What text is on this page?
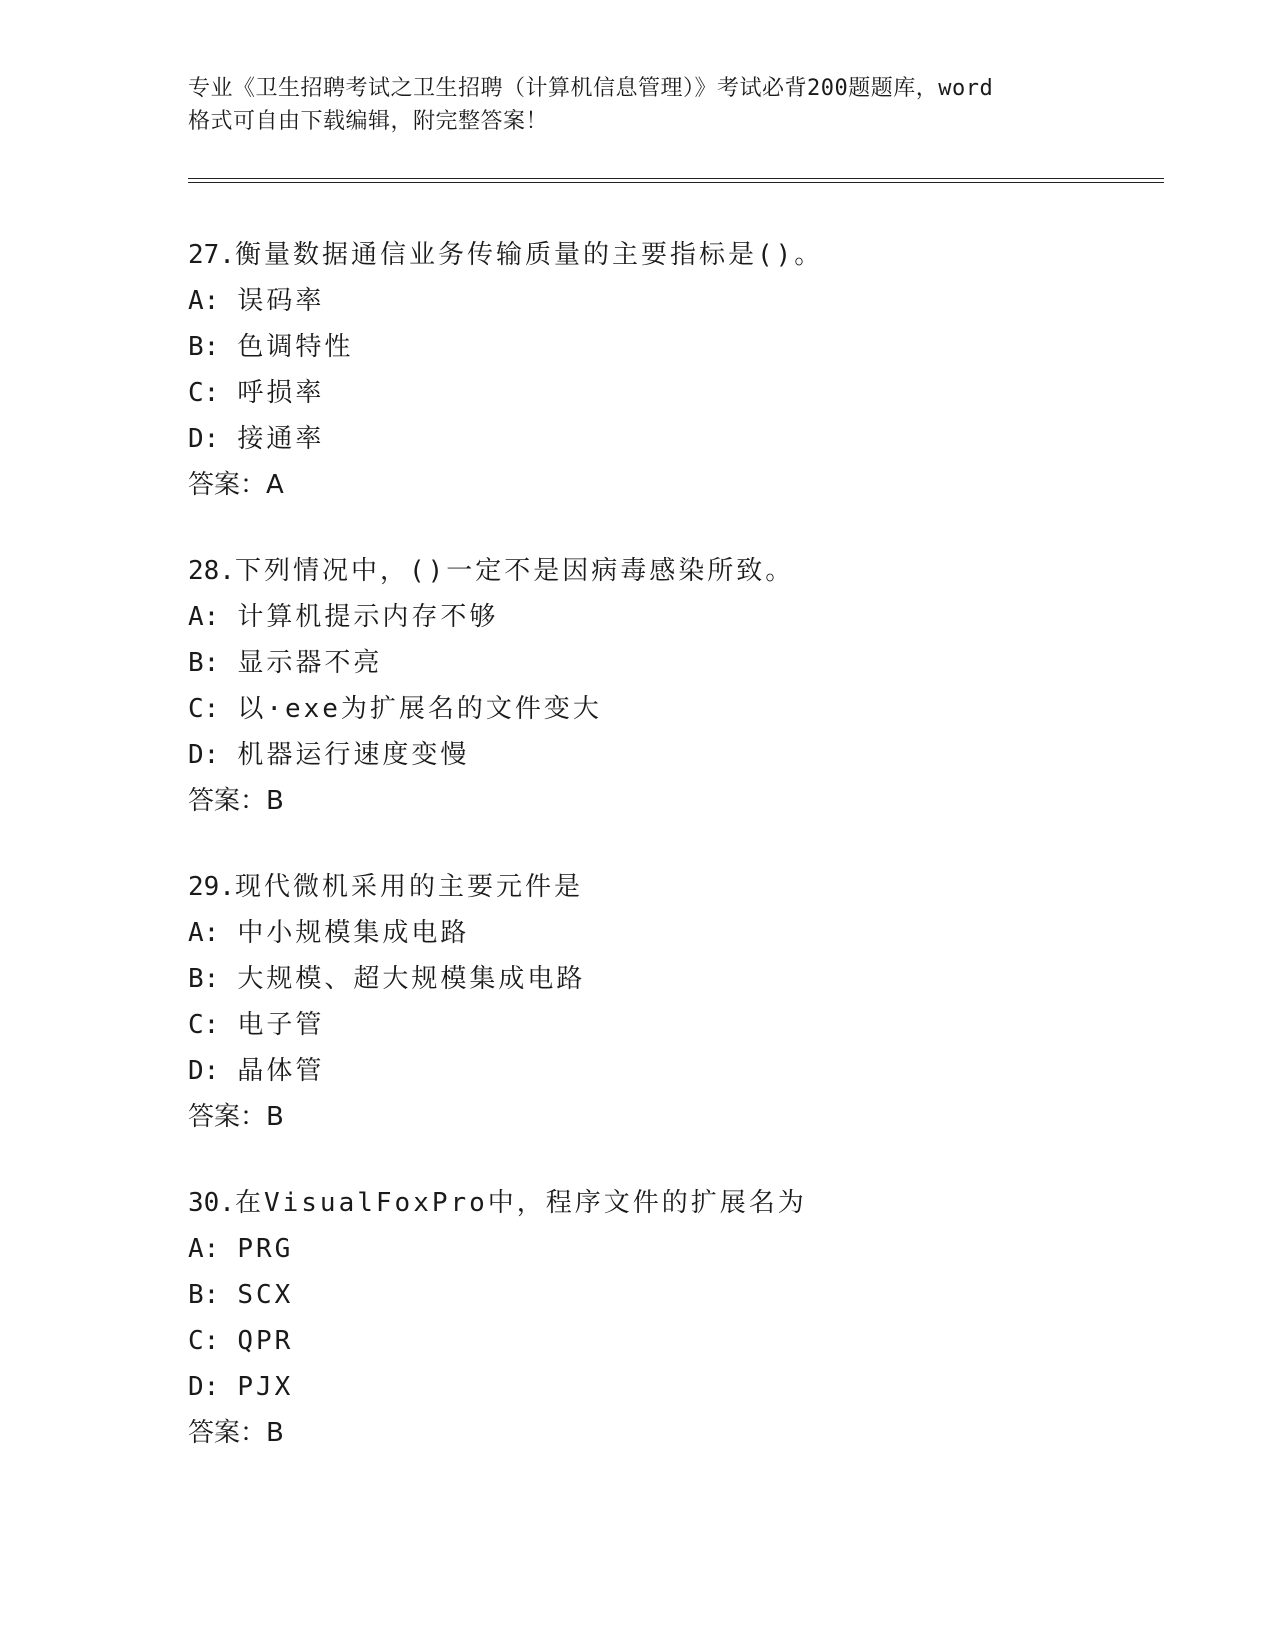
专业《卫生招聘考试之卫生招聘（计算机信息管理）》考试必背200题题库，word
格式可自由下载编辑，附完整答案！
27.衡量数据通信业务传输质量的主要指标是()。
A: 误码率
B: 色调特性
C: 呼损率
D: 接通率
答案：A
28.下列情况中，()一定不是因病毒感染所致。
A: 计算机提示内存不够
B: 显示器不亮
C: 以·exe为扩展名的文件变大
D: 机器运行速度变慢
答案：B
29.现代微机采用的主要元件是
A: 中小规模集成电路
B: 大规模、超大规模集成电路
C: 电子管
D: 晶体管
答案：B
30.在VisualFoxPro中，程序文件的扩展名为
A: PRG
B: SCX
C: QPR
D: PJX
答案：B
